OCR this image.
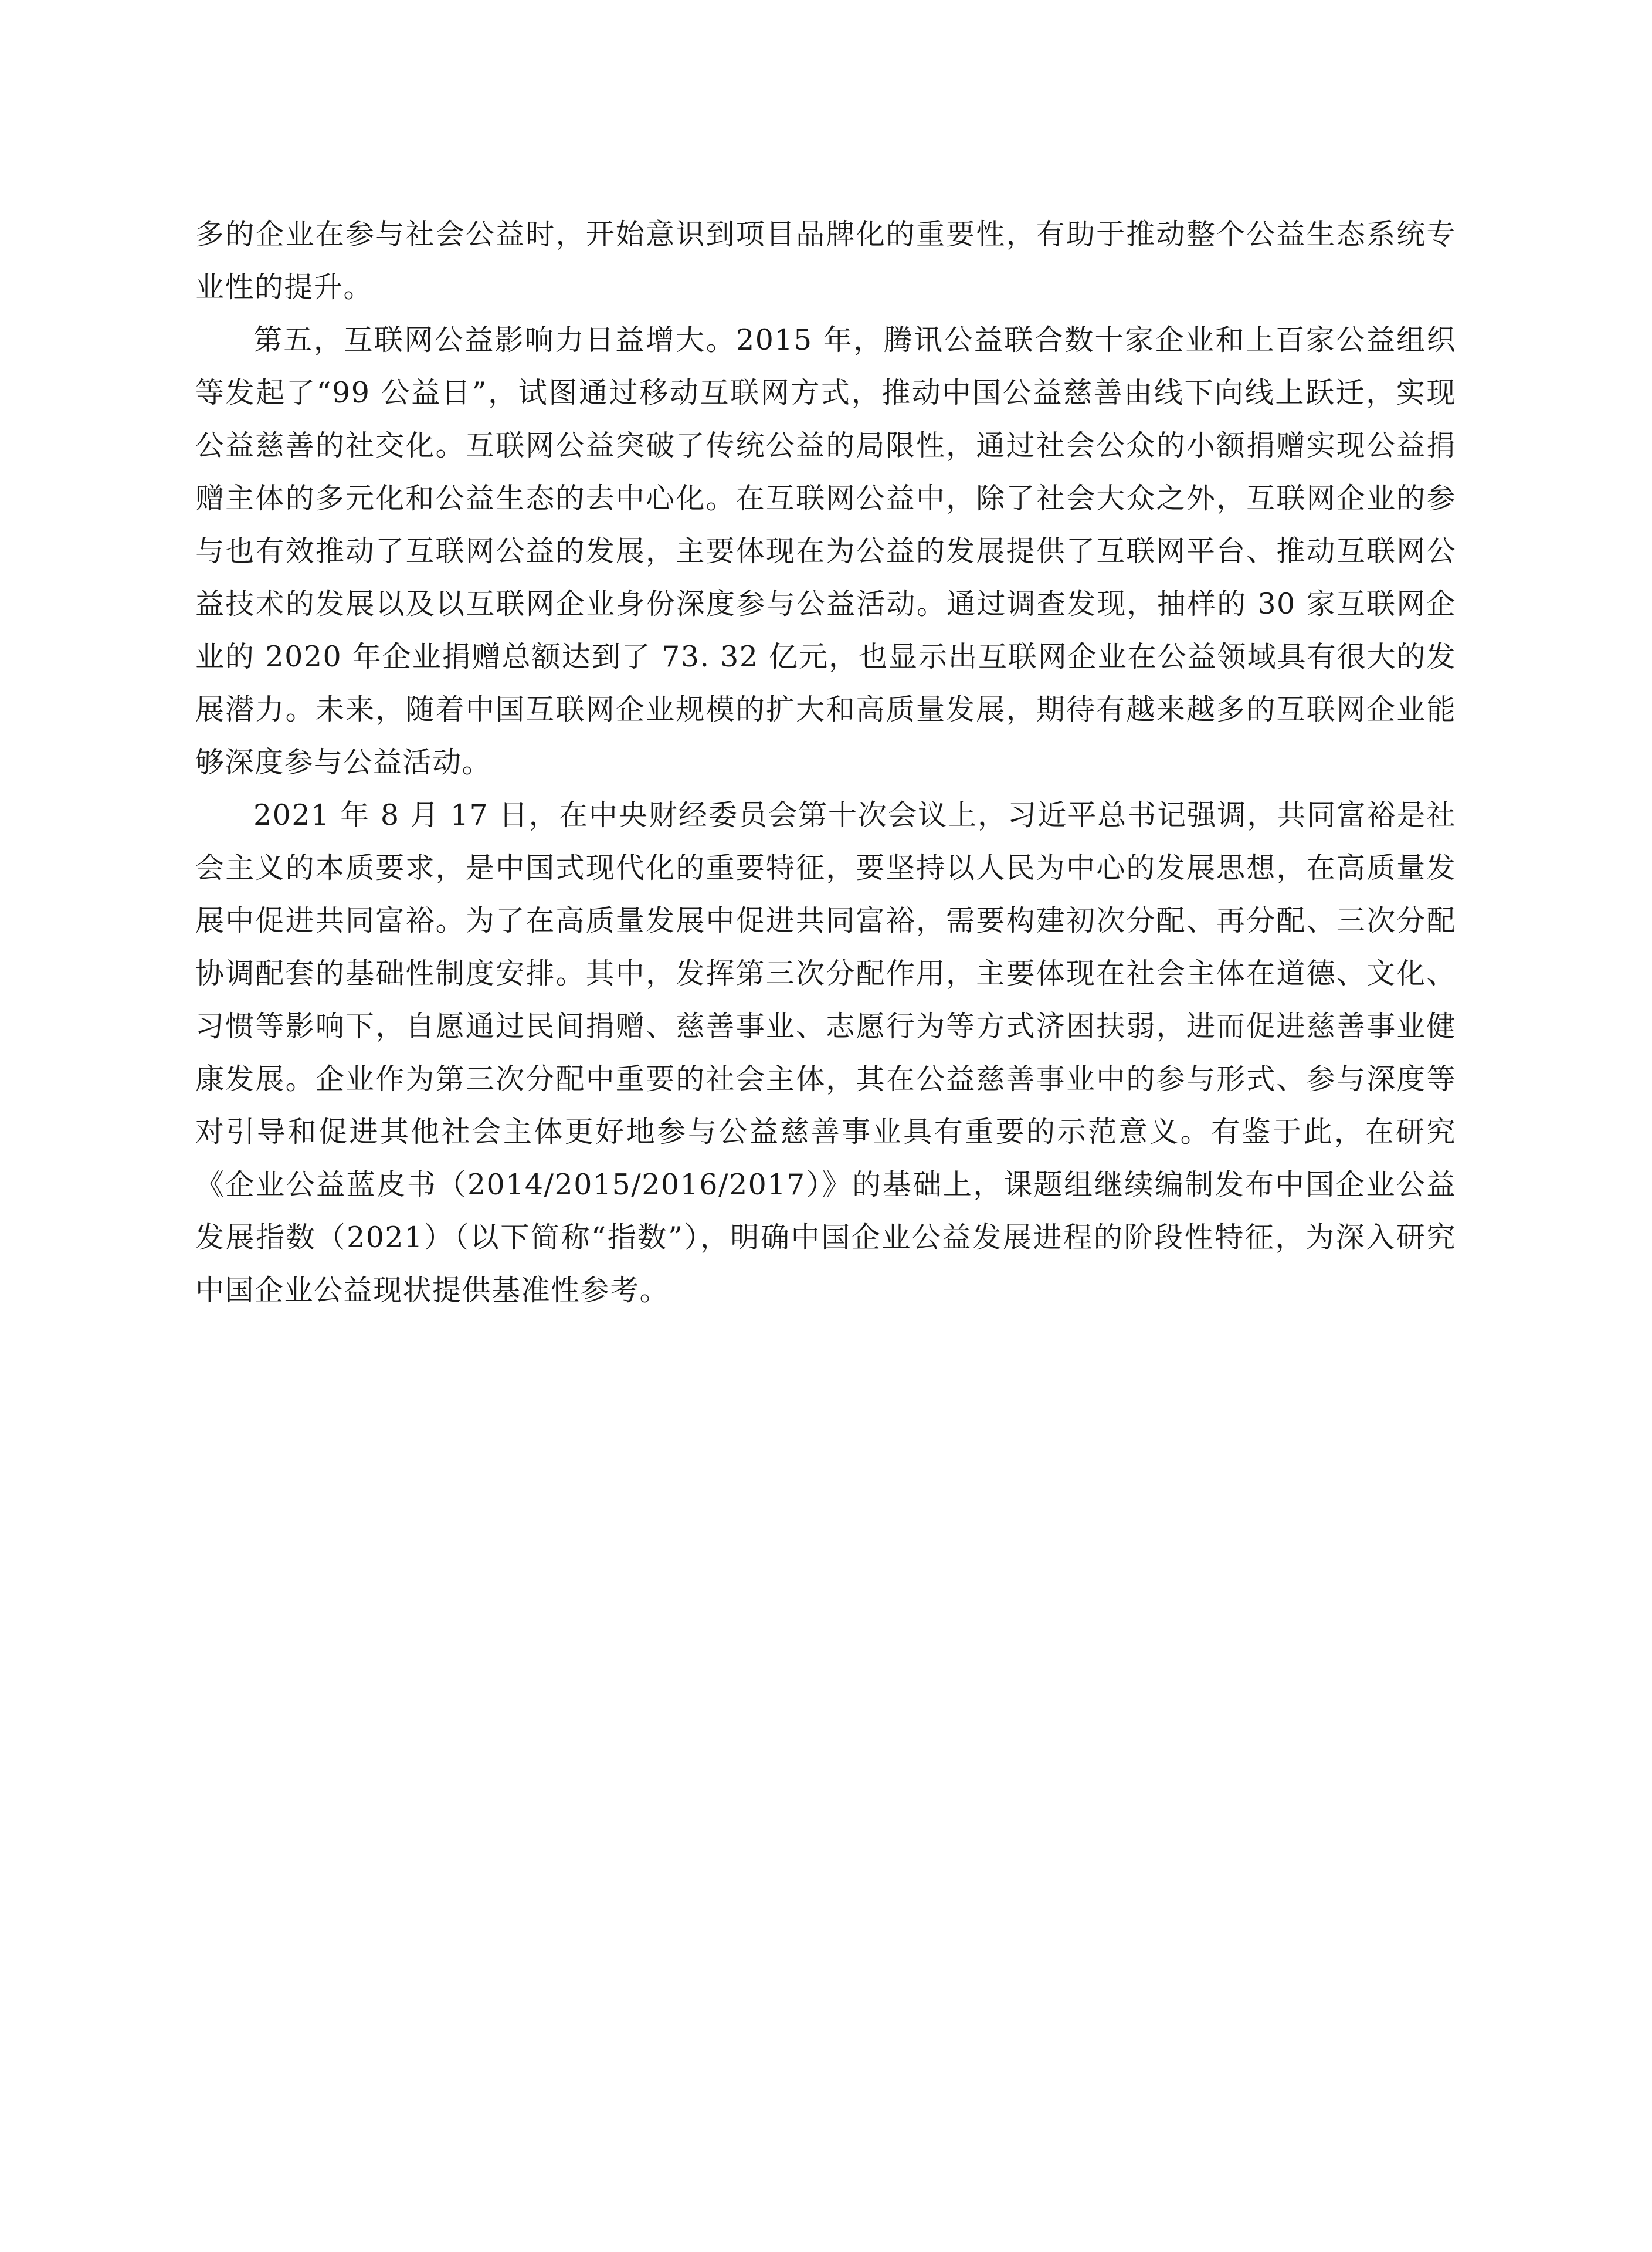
多的企业在参与社会公益时，开始意识到项目品牌化的重要性，有助于推动整个公益生态系统专业性的提升。

第五，互联网公益影响力日益增大。2015 年，腾讯公益联合数十家企业和上百家公益组织等发起了“99 公益日”，试图通过移动互联网方式，推动中国公益慈善由线下向线上跃迁，实现公益慈善的社交化。互联网公益突破了传统公益的局限性，通过社会公众的小额捐赠实现公益捐赠主体的多元化和公益生态的去中心化。在互联网公益中，除了社会大众之外，互联网企业的参与也有效推动了互联网公益的发展，主要体现在为公益的发展提供了互联网平台、推动互联网公益技术的发展以及以互联网企业身份深度参与公益活动。通过调查发现，抽样的 30 家互联网企业的 2020 年企业捐赠总额达到了 73. 32 亿元，也显示出互联网企业在公益领域具有很大的发展潜力。未来，随着中国互联网企业规模的扩大和高质量发展，期待有越来越多的互联网企业能够深度参与公益活动。

2021 年 8 月 17 日，在中央财经委员会第十次会议上，习近平总书记强调，共同富裕是社会主义的本质要求，是中国式现代化的重要特征，要坚持以人民为中心的发展思想，在高质量发展中促进共同富裕。为了在高质量发展中促进共同富裕，需要构建初次分配、再分配、三次分配协调配套的基础性制度安排。其中，发挥第三次分配作用，主要体现在社会主体在道德、文化、习惯等影响下，自愿通过民间捐赠、慈善事业、志愿行为等方式济困扶弱，进而促进慈善事业健康发展。企业作为第三次分配中重要的社会主体，其在公益慈善事业中的参与形式、参与深度等对引导和促进其他社会主体更好地参与公益慈善事业具有重要的示范意义。有鉴于此，在研究《企业公益蓝皮书（2014/2015/2016/2017）》的基础上，课题组继续编制发布中国企业公益发展指数（2021）（以下简称“指数”），明确中国企业公益发展进程的阶段性特征，为深入研究中国企业公益现状提供基准性参考。
